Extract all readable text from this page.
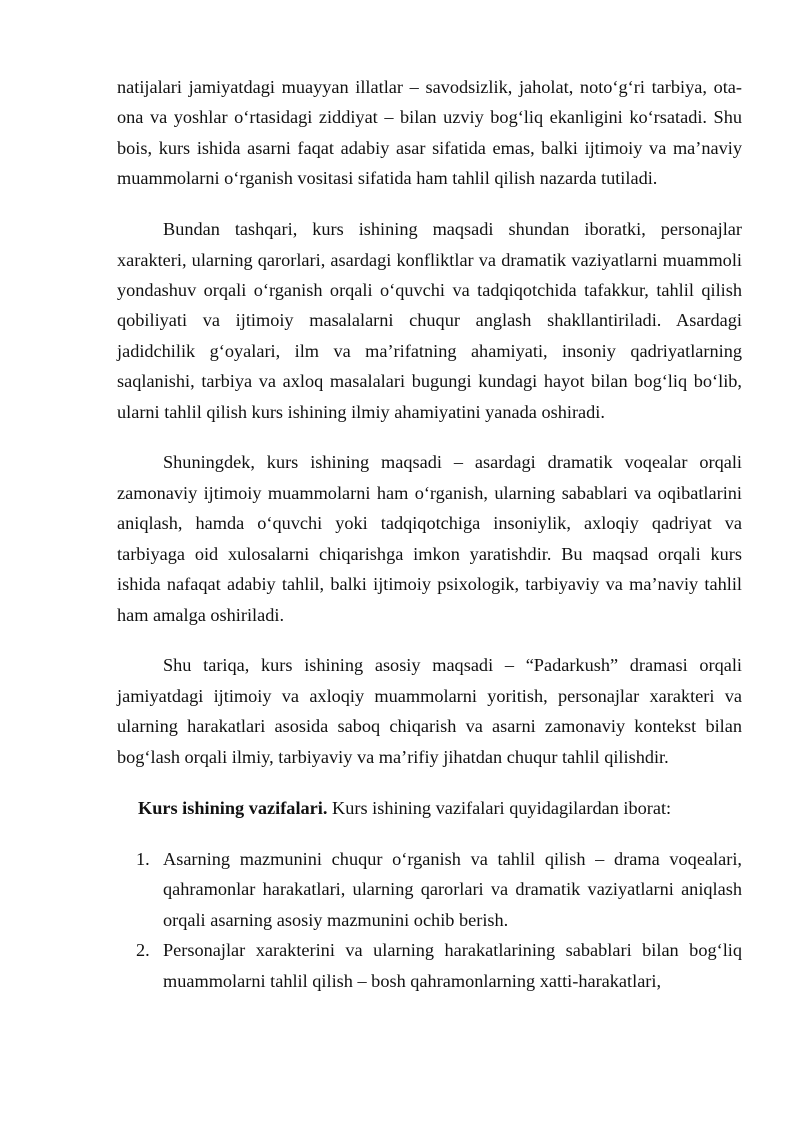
natijalari jamiyatdagi muayyan illatlar – savodsizlik, jaholat, noto‘g‘ri tarbiya, ota-ona va yoshlar o‘rtasidagi ziddiyat – bilan uzviy bog‘liq ekanligini ko‘rsatadi. Shu bois, kurs ishida asarni faqat adabiy asar sifatida emas, balki ijtimoiy va ma’naviy muammolarni o‘rganish vositasi sifatida ham tahlil qilish nazarda tutiladi.

Bundan tashqari, kurs ishining maqsadi shundan iboratki, personajlar xarakteri, ularning qarorlari, asardagi konfliktlar va dramatik vaziyatlarni muammoli yondashuv orqali o‘rganish orqali o‘quvchi va tadqiqotchida tafakkur, tahlil qilish qobiliyati va ijtimoiy masalalarni chuqur anglash shakllantiriladi. Asardagi jadidchilik g‘oyalari, ilm va ma’rifatning ahamiyati, insoniy qadriyatlarning saqlanishi, tarbiya va axloq masalalari bugungi kundagi hayot bilan bog‘liq bo‘lib, ularni tahlil qilish kurs ishining ilmiy ahamiyatini yanada oshiradi.

Shuningdek, kurs ishining maqsadi – asardagi dramatik voqealar orqali zamonaviy ijtimoiy muammolarni ham o‘rganish, ularning sabablari va oqibatlarini aniqlash, hamda o‘quvchi yoki tadqiqotchiga insoniylik, axloqiy qadriyat va tarbiyaga oid xulosalarni chiqarishga imkon yaratishdir. Bu maqsad orqali kurs ishida nafaqat adabiy tahlil, balki ijtimoiy psixologik, tarbiyaviy va ma’naviy tahlil ham amalga oshiriladi.

Shu tariqa, kurs ishining asosiy maqsadi – “Padarkush” dramasi orqali jamiyatdagi ijtimoiy va axloqiy muammolarni yoritish, personajlar xarakteri va ularning harakatlari asosida saboq chiqarish va asarni zamonaviy kontekst bilan bog‘lash orqali ilmiy, tarbiyaviy va ma’rifiy jihatdan chuqur tahlil qilishdir.

Kurs ishining vazifalari. Kurs ishining vazifalari quyidagilardan iborat:

1. Asarning mazmunini chuqur o‘rganish va tahlil qilish – drama voqealari, qahramonlar harakatlari, ularning qarorlari va dramatik vaziyatlarni aniqlash orqali asarning asosiy mazmunini ochib berish.
2. Personajlar xarakterini va ularning harakatlarining sabablari bilan bog‘liq muammolarni tahlil qilish – bosh qahramonlarning xatti-harakatlari,
